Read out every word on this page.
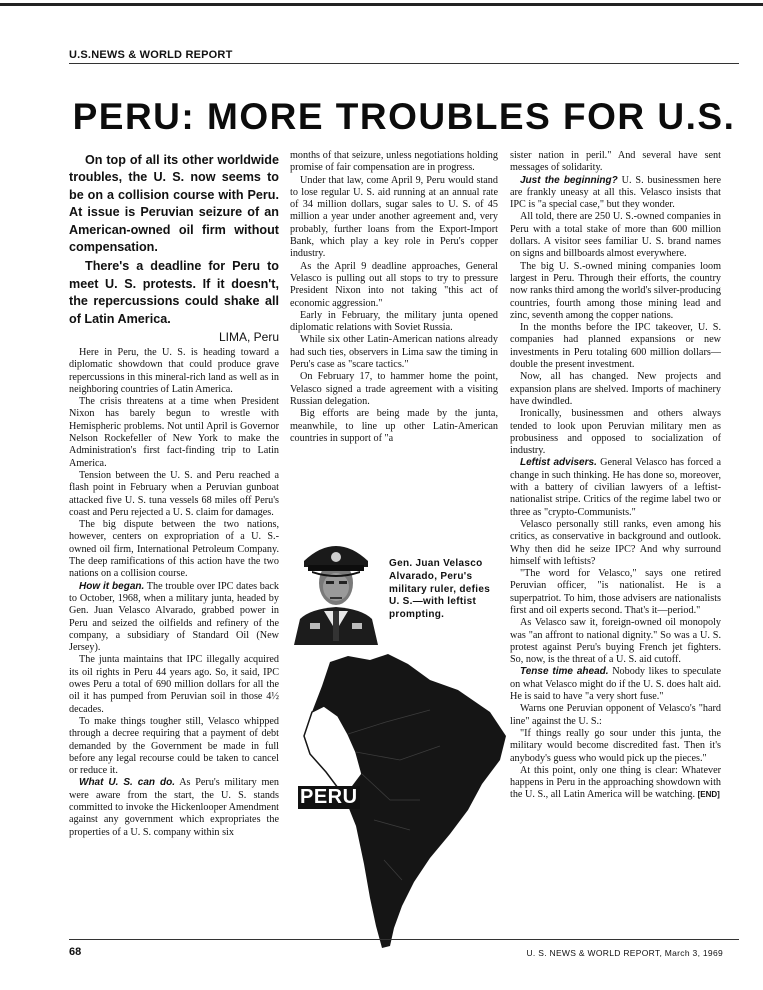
U.S.NEWS & WORLD REPORT
PERU: MORE TROUBLES FOR U.S.

On top of all its other worldwide troubles, the U. S. now seems to be on a collision course with Peru. At issue is Peruvian seizure of an American-owned oil firm without compensation.

There's a deadline for Peru to meet U. S. protests. If it doesn't, the repercussions could shake all of Latin America.

LIMA, Peru

Here in Peru, the U. S. is heading toward a diplomatic showdown that could produce grave repercussions in this mineral-rich land as well as in neighboring countries of Latin America.

The crisis threatens at a time when President Nixon has barely begun to wrestle with Hemispheric problems. Not until April is Governor Nelson Rockefeller of New York to make the Administration's first fact-finding trip to Latin America.

Tension between the U. S. and Peru reached a flash point in February when a Peruvian gunboat attacked five U. S. tuna vessels 68 miles off Peru's coast and Peru rejected a U. S. claim for damages.

The big dispute between the two nations, however, centers on expropriation of a U. S.-owned oil firm, International Petroleum Company. The deep ramifications of this action have the two nations on a collision course.

How it began. The trouble over IPC dates back to October, 1968, when a military junta, headed by Gen. Juan Velasco Alvarado, grabbed power in Peru and seized the oilfields and refinery of the company, a subsidiary of Standard Oil (New Jersey).

The junta maintains that IPC illegally acquired its oil rights in Peru 44 years ago. So, it said, IPC owes Peru a total of 690 million dollars for all the oil it has pumped from Peruvian soil in those 4½ decades.

To make things tougher still, Velasco whipped through a decree requiring that a payment of debt demanded by the Government be made in full before any legal recourse could be taken to cancel or reduce it.

What U. S. can do. As Peru's military men were aware from the start, the U. S. stands committed to invoke the Hickenlooper Amendment against any government which expropriates the properties of a U. S. company within six

months of that seizure, unless negotiations holding promise of fair compensation are in progress.

Under that law, come April 9, Peru would stand to lose regular U. S. aid running at an annual rate of 34 million dollars, sugar sales to U. S. of 45 million a year under another agreement and, very probably, further loans from the Export-Import Bank, which play a key role in Peru's copper industry.

As the April 9 deadline approaches, General Velasco is pulling out all stops to try to pressure President Nixon into not taking "this act of economic aggression."

Early in February, the military junta opened diplomatic relations with Soviet Russia.

While six other Latin-American nations already had such ties, observers in Lima saw the timing in Peru's case as "scare tactics."

On February 17, to hammer home the point, Velasco signed a trade agreement with a visiting Russian delegation.

Big efforts are being made by the junta, meanwhile, to line up other Latin-American countries in support of "a

Gen. Juan Velasco Alvarado, Peru's military ruler, defies U. S.—with leftist prompting.
PERU

sister nation in peril." And several have sent messages of solidarity.

Just the beginning? U. S. businessmen here are frankly uneasy at all this. Velasco insists that IPC is "a special case," but they wonder.

All told, there are 250 U. S.-owned companies in Peru with a total stake of more than 600 million dollars. A visitor sees familiar U. S. brand names on signs and billboards almost everywhere.

The big U. S.-owned mining companies loom largest in Peru. Through their efforts, the country now ranks third among the world's silver-producing countries, fourth among those mining lead and zinc, seventh among the copper nations.

In the months before the IPC takeover, U. S. companies had planned expansions or new investments in Peru totaling 600 million dollars—double the present investment.

Now, all has changed. New projects and expansion plans are shelved. Imports of machinery have dwindled.

Ironically, businessmen and others always tended to look upon Peruvian military men as probusiness and opposed to socialization of industry.

Leftist advisers. General Velasco has forced a change in such thinking. He has done so, moreover, with a battery of civilian lawyers of a leftist-nationalist stripe. Critics of the regime label two or three as "crypto-Communists."

Velasco personally still ranks, even among his critics, as conservative in background and outlook. Why then did he seize IPC? And why surround himself with leftists?

"The word for Velasco," says one retired Peruvian officer, "is nationalist. He is a superpatriot. To him, those advisers are nationalists first and oil experts second. That's it—period."

As Velasco saw it, foreign-owned oil monopoly was "an affront to national dignity." So was a U. S. protest against Peru's buying French jet fighters. So, now, is the threat of a U. S. aid cutoff.

Tense time ahead. Nobody likes to speculate on what Velasco might do if the U. S. does halt aid. He is said to have "a very short fuse."

Warns one Peruvian opponent of Velasco's "hard line" against the U. S.:

"If things really go sour under this junta, the military would become discredited fast. Then it's anybody's guess who would pick up the pieces."

At this point, only one thing is clear: Whatever happens in Peru in the approaching showdown with the U. S., all Latin America will be watching. [END]

68	U. S. NEWS & WORLD REPORT, March 3, 1969
